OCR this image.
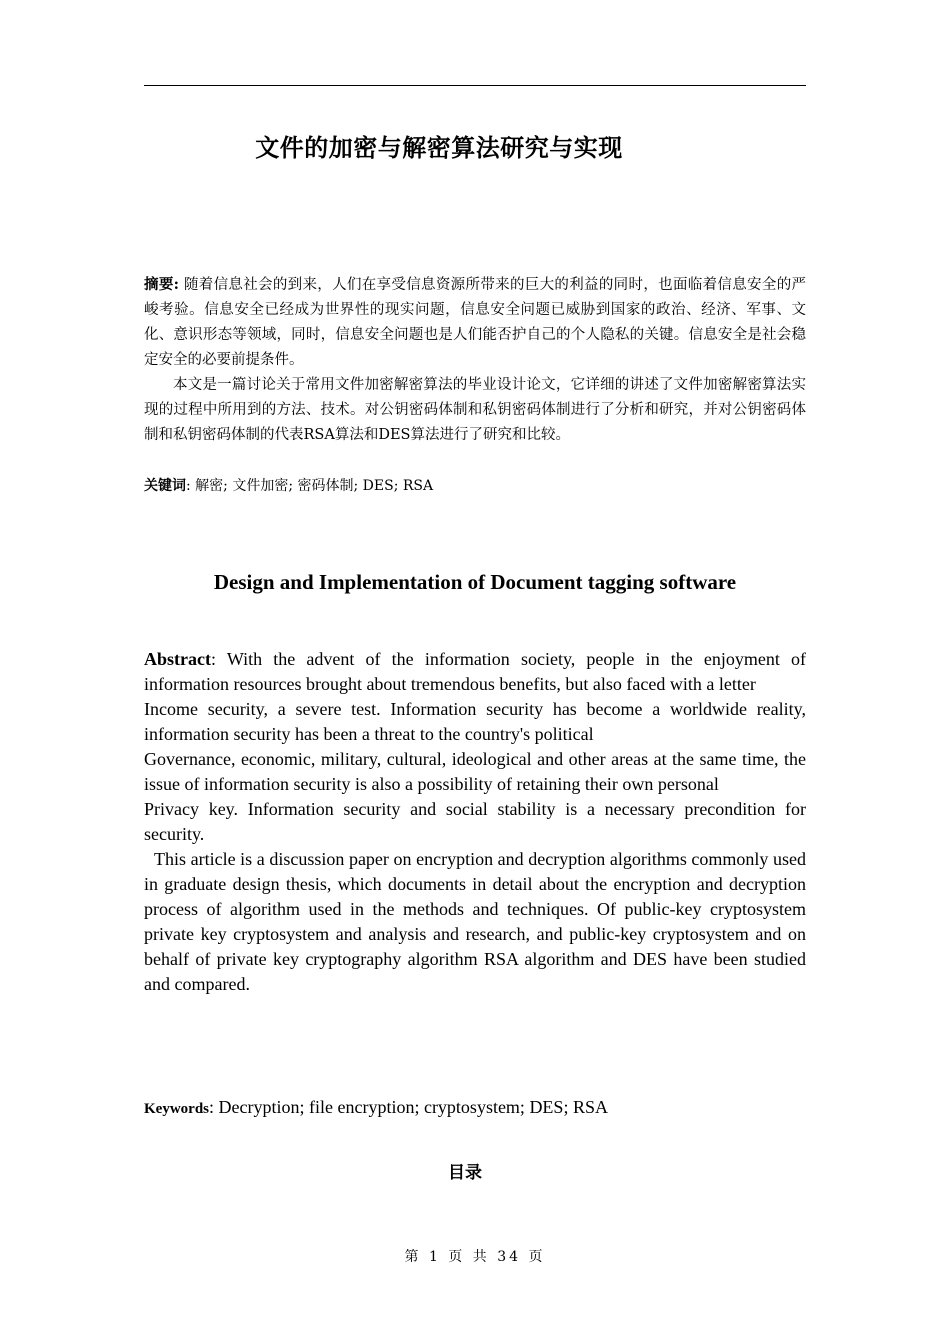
文件的加密与解密算法研究与实现

摘要: 随着信息社会的到来，人们在享受信息资源所带来的巨大的利益的同时，也面临着信息安全的严峻考验。信息安全已经成为世界性的现实问题，信息安全问题已威胁到国家的政治、经济、军事、文化、意识形态等领域，同时，信息安全问题也是人们能否护自己的个人隐私的关键。信息安全是社会稳定安全的必要前提条件。

本文是一篇讨论关于常用文件加密解密算法的毕业设计论文，它详细的讲述了文件加密解密算法实现的过程中所用到的方法、技术。对公钥密码体制和私钥密码体制进行了分析和研究，并对公钥密码体制和私钥密码体制的代表RSA算法和DES算法进行了研究和比较。

关键词: 解密; 文件加密; 密码体制; DES; RSA
Design and Implementation of Document tagging software

Abstract: With the advent of the information society, people in the enjoyment of

information resources brought about tremendous benefits, but also faced with a letter

Income security, a severe test. Information security has become a worldwide reality,

information security has been a threat to the country's political

Governance, economic, military, cultural, ideological and other areas at the same time, the issue of information security is also a possibility of retaining their own personal

Privacy key. Information security and social stability is a necessary precondition for security.

This article is a discussion paper on encryption and decryption algorithms commonly used in graduate design thesis, which documents in detail about the encryption and decryption process of algorithm used in the methods and techniques. Of public-key cryptosystem private key cryptosystem and analysis and research, and public-key cryptosystem and on behalf of private key cryptography algorithm RSA algorithm and DES have been studied and compared.

Keywords: Decryption; file encryption; cryptosystem; DES; RSA
目录
第 1 页 共 34 页
